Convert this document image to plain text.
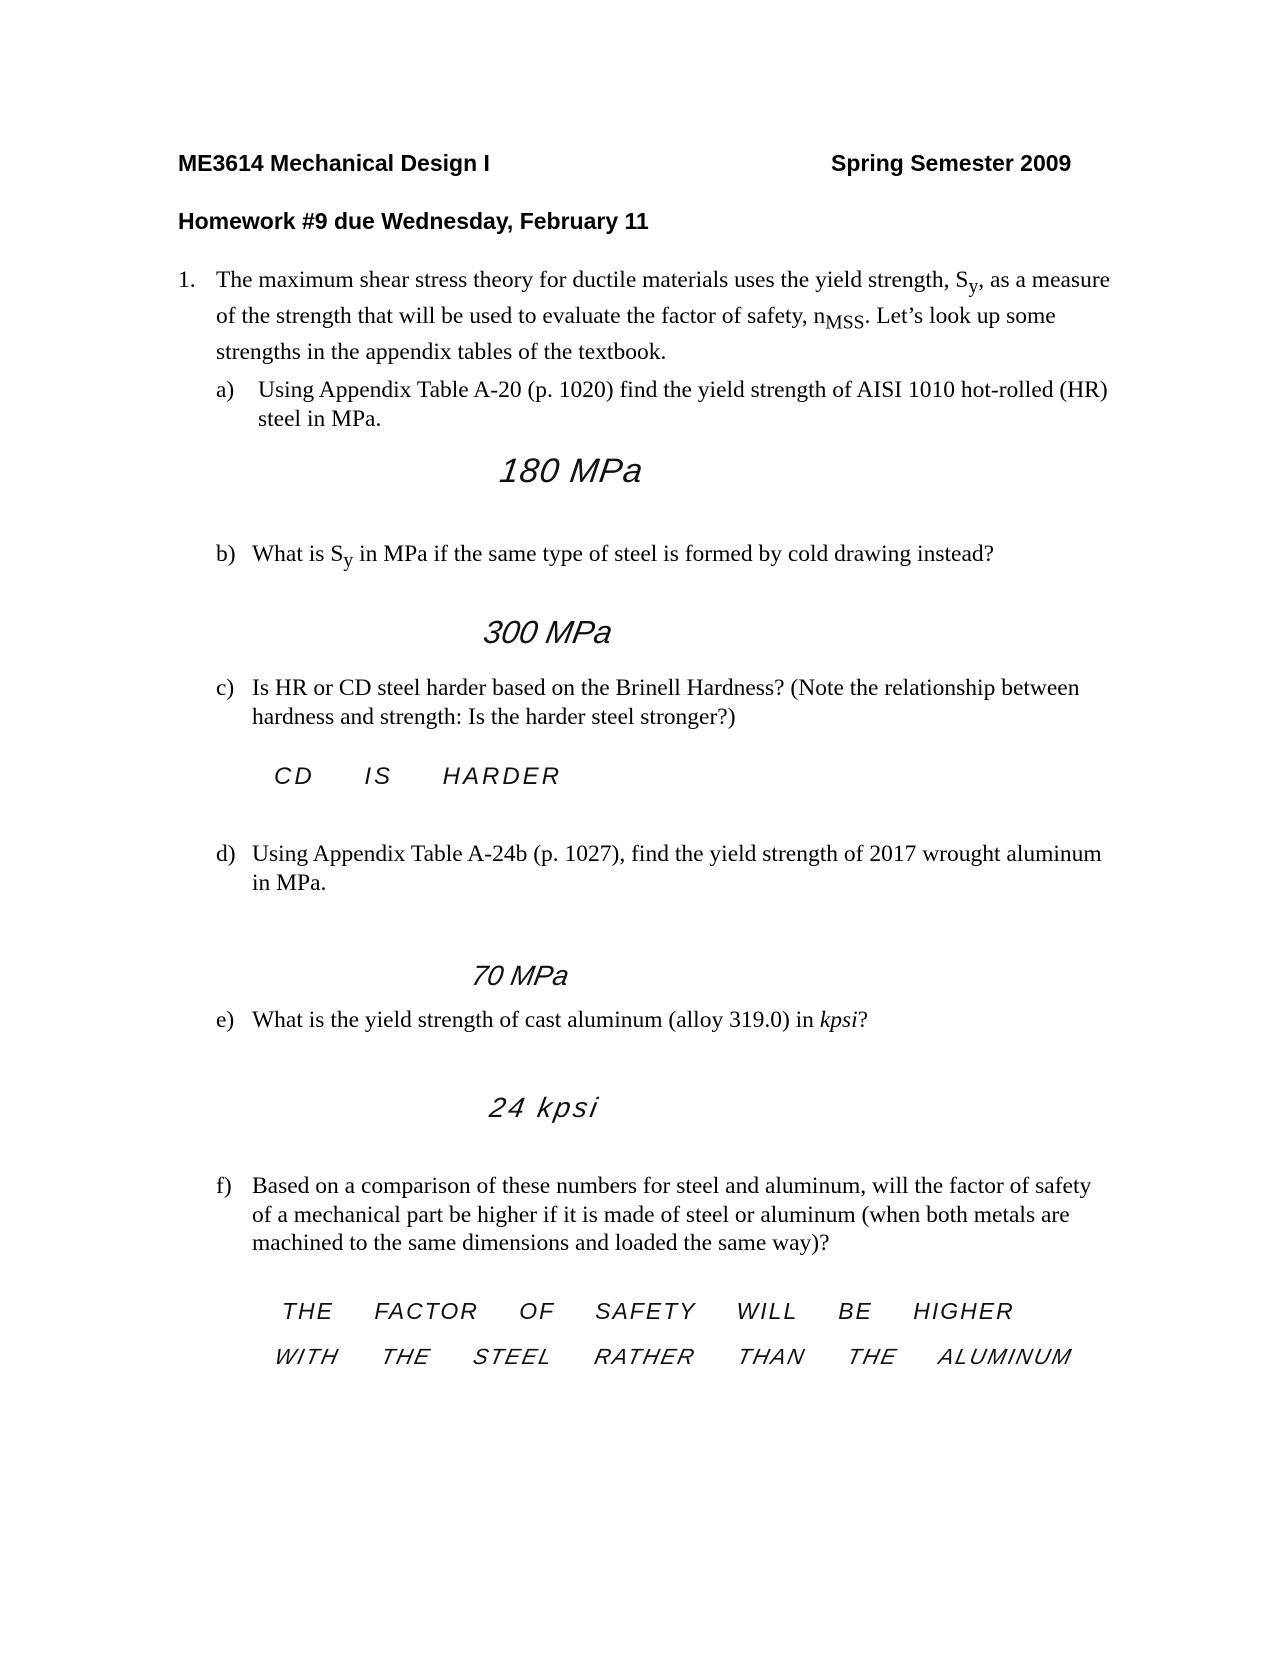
ME3614 Mechanical Design I	Spring Semester 2009
Homework #9 due Wednesday, February 11
1. The maximum shear stress theory for ductile materials uses the yield strength, $S_y$, as a measure of the strength that will be used to evaluate the factor of safety, $n_{MSS}$. Let’s look up some strengths in the appendix tables of the textbook.
a) Using Appendix Table A-20 (p. 1020) find the yield strength of AISI 1010 hot-rolled (HR) steel in MPa.
180 MPa
b) What is $S_y$ in MPa if the same type of steel is formed by cold drawing instead?
300 MPa
c) Is HR or CD steel harder based on the Brinell Hardness? (Note the relationship between hardness and strength: Is the harder steel stronger?)
CD IS HARDER
d) Using Appendix Table A-24b (p. 1027), find the yield strength of 2017 wrought aluminum in MPa.
70 MPa
e) What is the yield strength of cast aluminum (alloy 319.0) in kpsi?
24 kpsi
f) Based on a comparison of these numbers for steel and aluminum, will the factor of safety of a mechanical part be higher if it is made of steel or aluminum (when both metals are machined to the same dimensions and loaded the same way)?
THE FACTOR OF SAFETY WILL BE HIGHER
WITH THE STEEL RATHER THAN THE ALUMINUM
